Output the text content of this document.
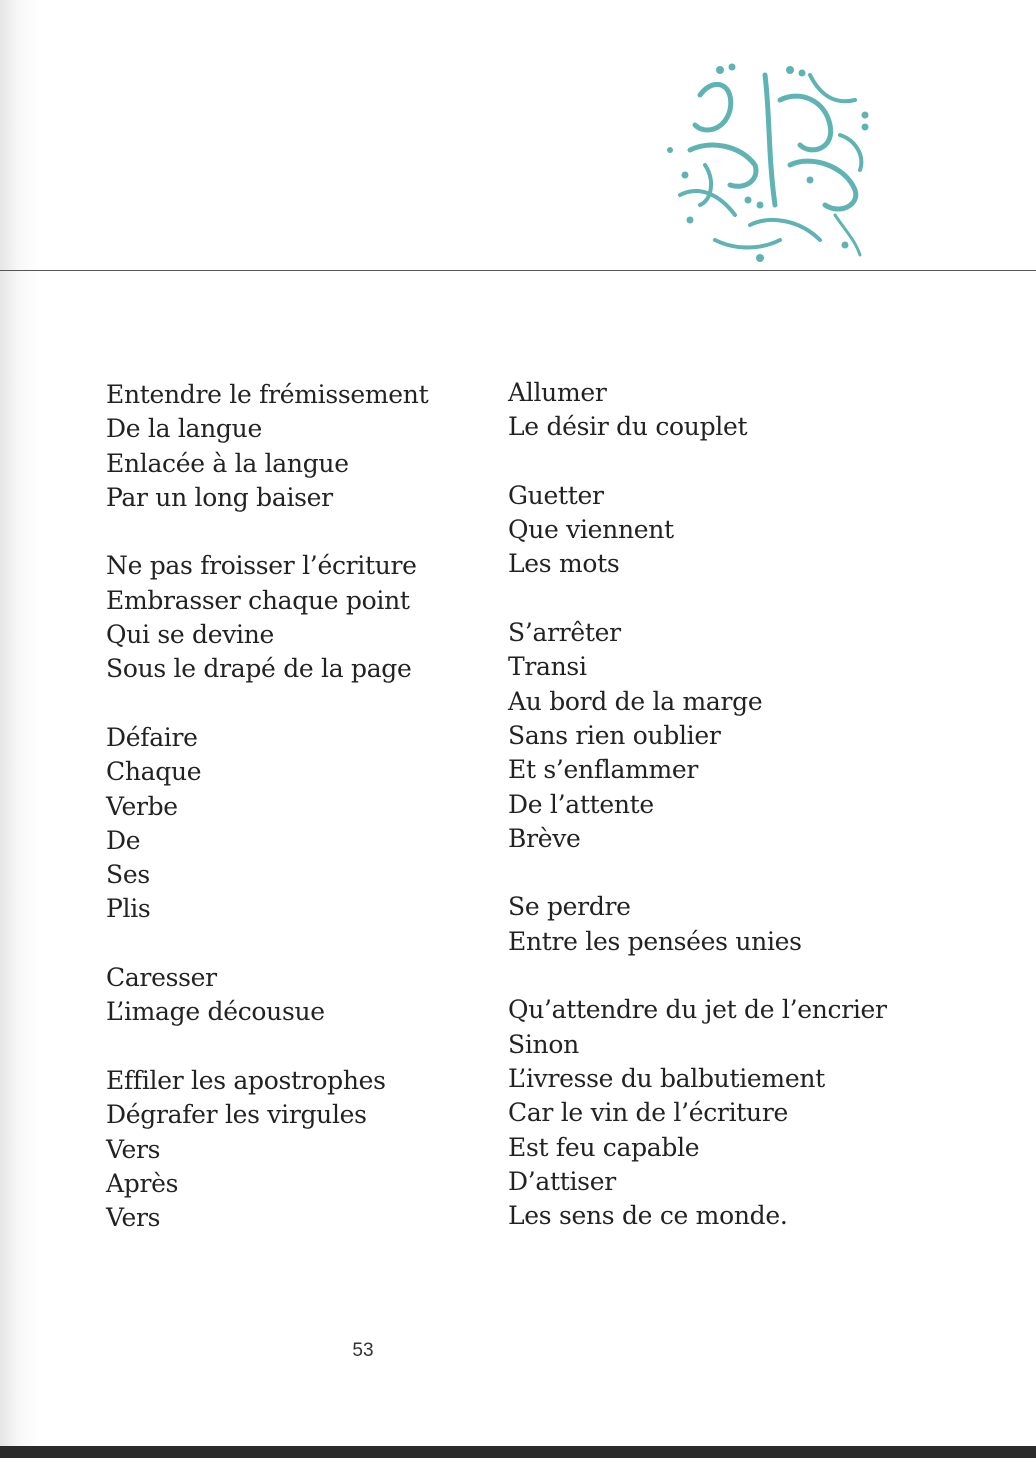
Entendre le frémissement
De la langue
Enlacée à la langue
Par un long baiser
Ne pas froisser l’écriture
Embrasser chaque point
Qui se devine
Sous le drapé de la page
Défaire
Chaque
Verbe
De
Ses
Plis
Caresser
L’image décousue
Effiler les apostrophes
Dégrafer les virgules
Vers
Après
Vers
Allumer
Le désir du couplet
Guetter
Que viennent
Les mots
S’arrêter
Transi
Au bord de la marge
Sans rien oublier
Et s’enflammer
De l’attente
Brève
Se perdre
Entre les pensées unies
Qu’attendre du jet de l’encrier
Sinon
L’ivresse du balbutiement
Car le vin de l’écriture
Est feu capable
D’attiser
Les sens de ce monde.
53
